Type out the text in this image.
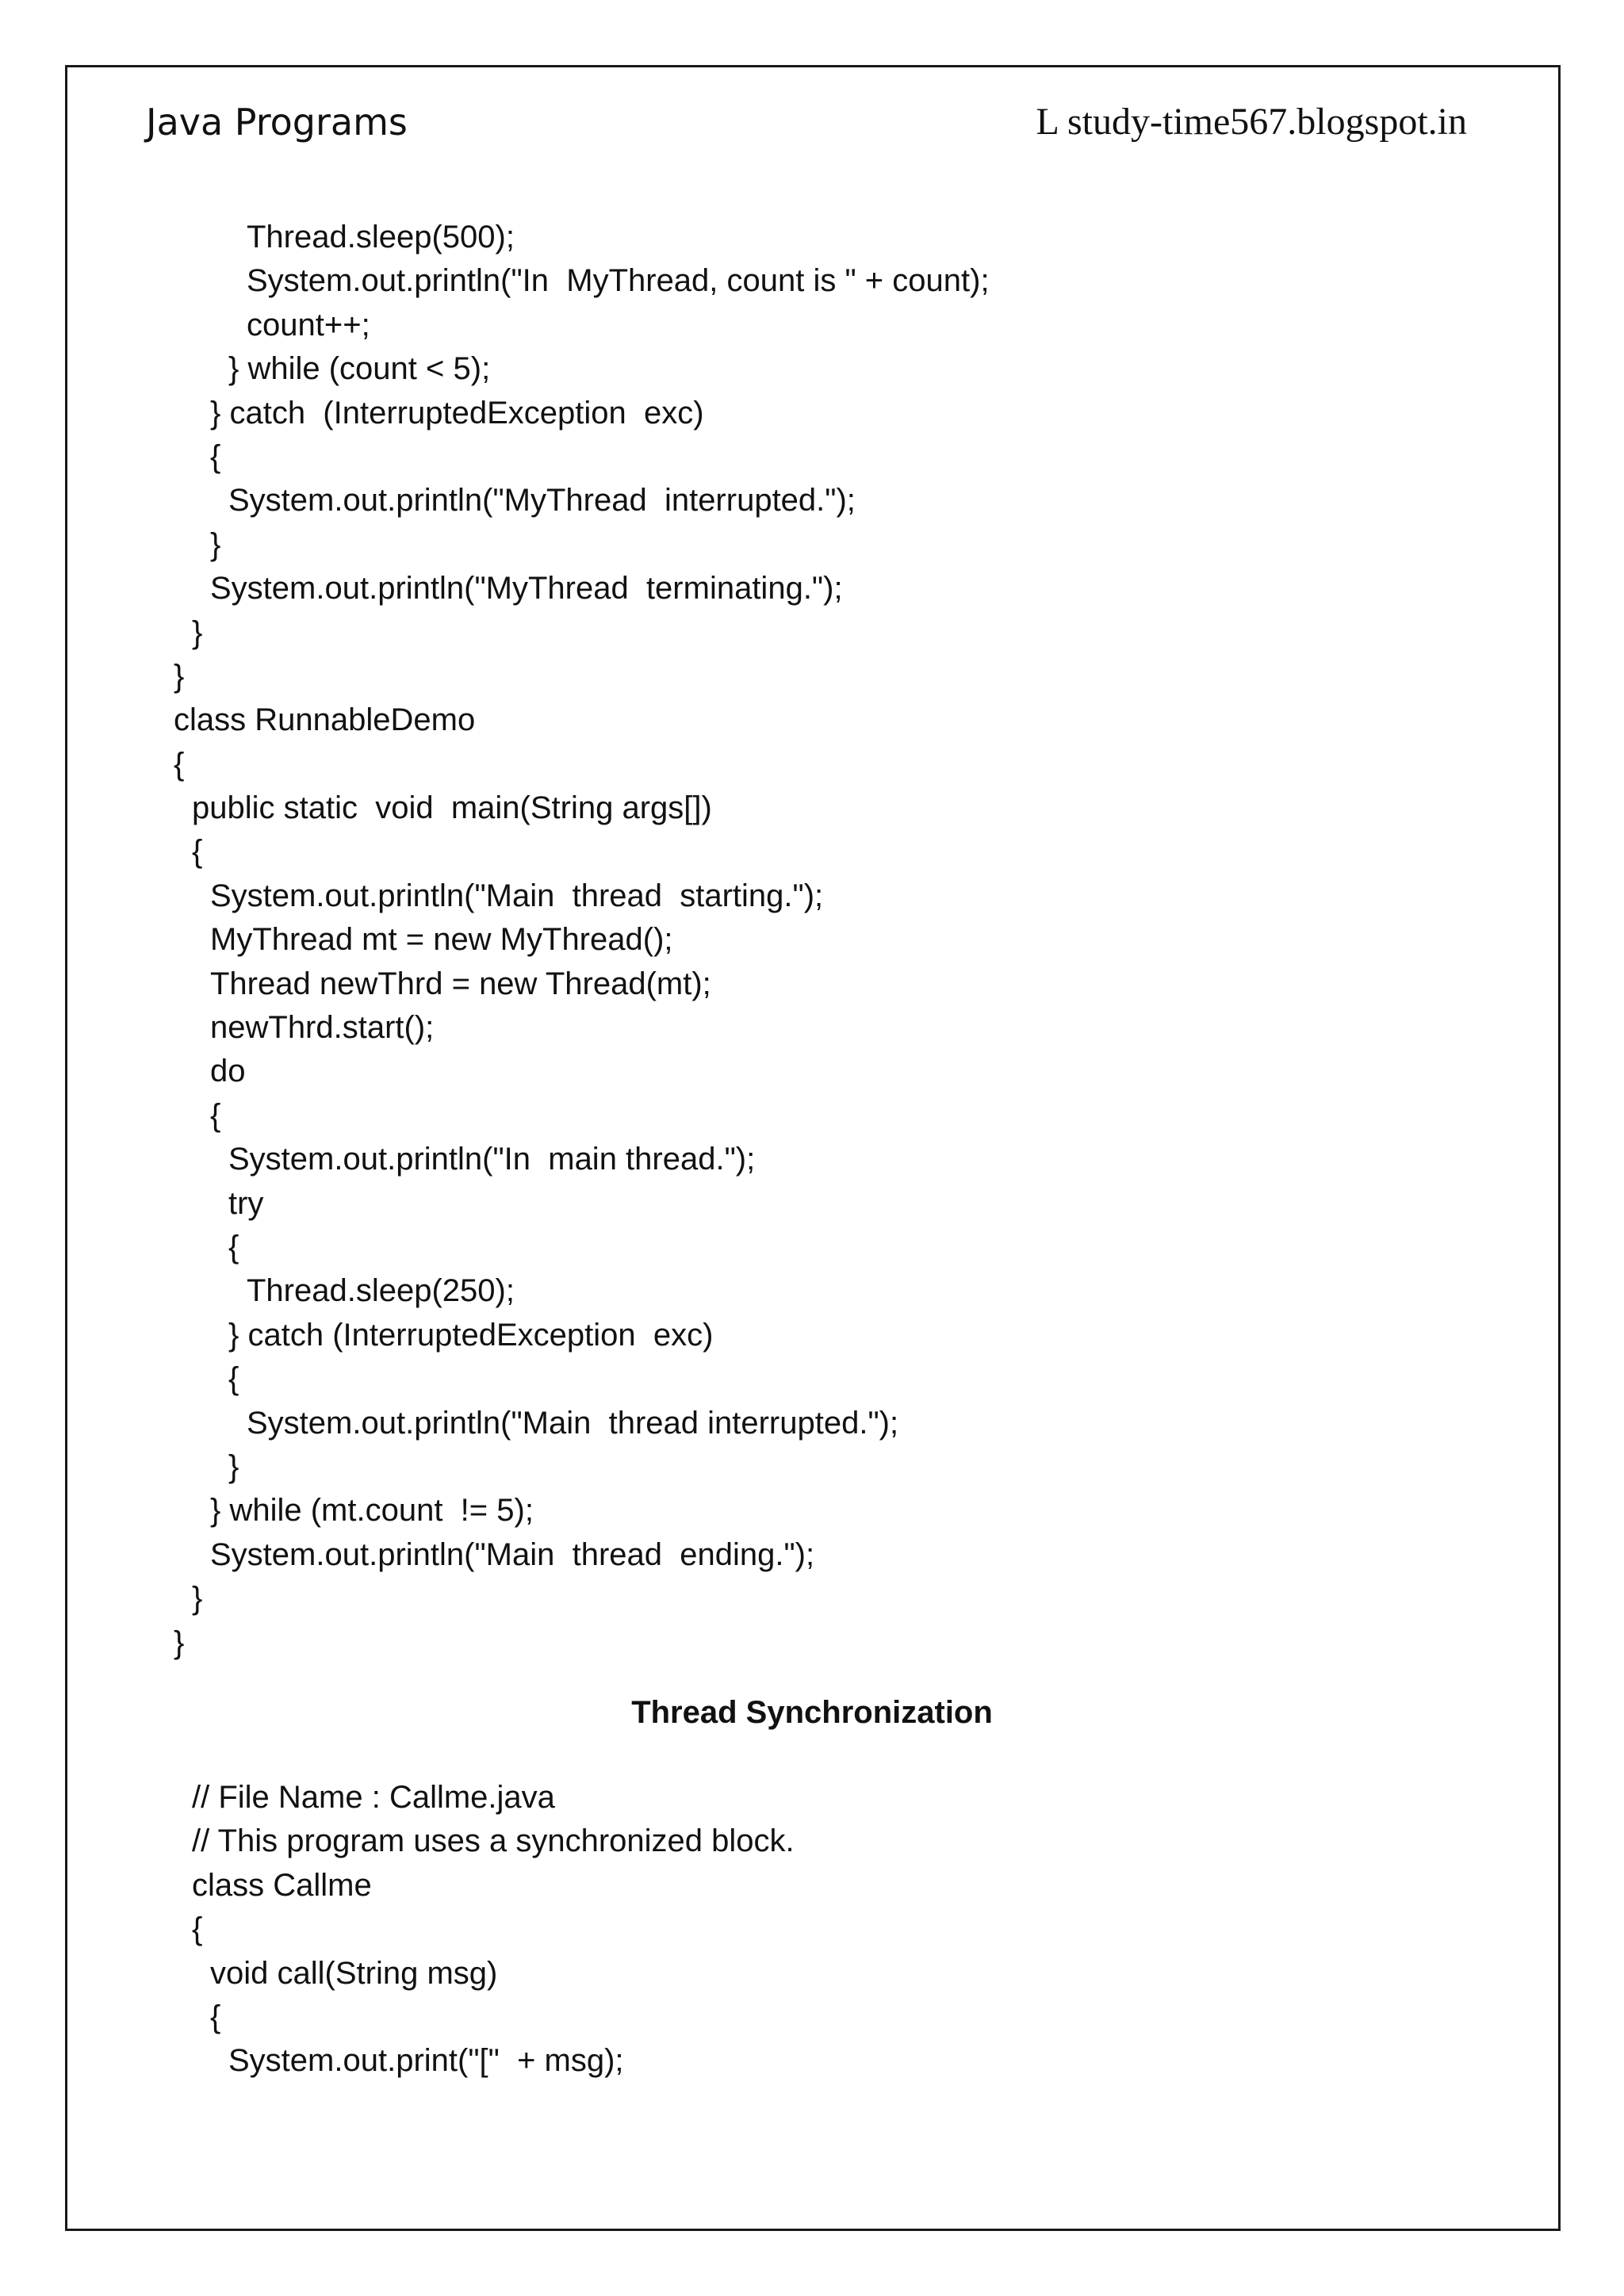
Java Programs	L study-time567.blogspot.in
Thread.sleep(500);
System.out.println("In  MyThread, count is " + count);
count++;
} while (count < 5);
} catch  (InterruptedException  exc)
{
System.out.println("MyThread  interrupted.");
}
System.out.println("MyThread  terminating.");
}
}
class RunnableDemo
{
public static  void  main(String args[])
{
System.out.println("Main  thread  starting.");
MyThread mt = new MyThread();
Thread newThrd = new Thread(mt);
newThrd.start();
do
{
System.out.println("In  main thread.");
try
{
Thread.sleep(250);
} catch (InterruptedException  exc)
{
System.out.println("Main  thread interrupted.");
}
} while (mt.count  != 5);
System.out.println("Main  thread  ending.");
}
}
Thread Synchronization
// File Name : Callme.java
// This program uses a synchronized block.
class Callme
{
void call(String msg)
{
System.out.print("["  + msg);
